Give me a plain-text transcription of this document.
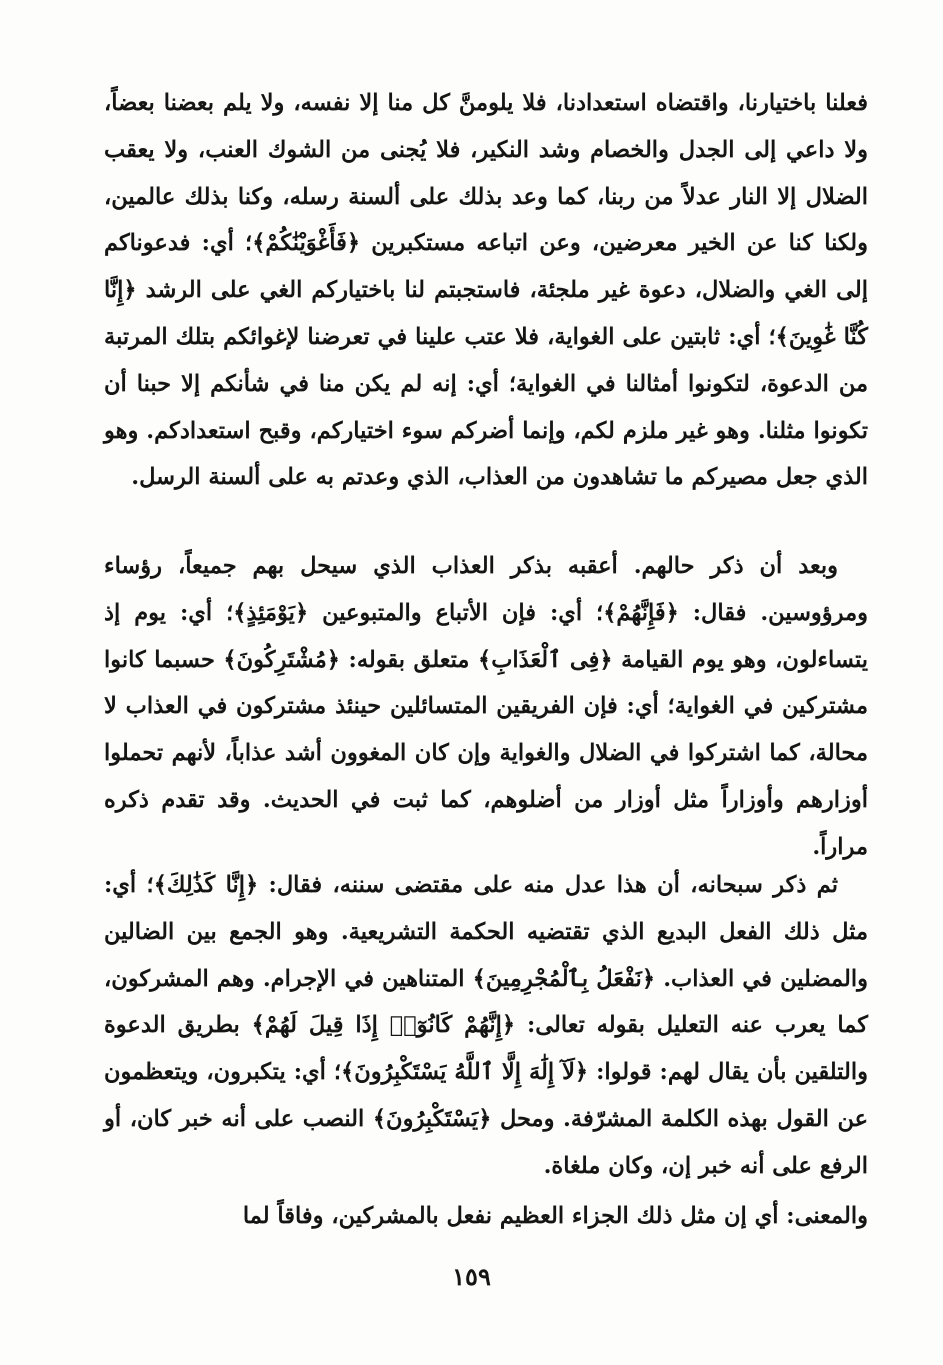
فعلنا باختيارنا، واقتضاه استعدادنا، فلا يلومنَّ كل منا إلا نفسه، ولا يلم بعضنا بعضاً، ولا داعي إلى الجدل والخصام وشد النكير، فلا يُجنى من الشوك العنب، ولا يعقب الضلال إلا النار عدلاً من ربنا، كما وعد بذلك على ألسنة رسله، وكنا بذلك عالمين، ولكنا كنا عن الخير معرضين، وعن اتباعه مستكبرين ﴿فَأَغْوَيْنَٰكُمْ﴾؛ أي: فدعوناكم إلى الغي والضلال، دعوة غير ملجئة، فاستجبتم لنا باختياركم الغي على الرشد ﴿إِنَّا كُنَّا غَٰوِينَ﴾؛ أي: ثابتين على الغواية، فلا عتب علينا في تعرضنا لإغوائكم بتلك المرتبة من الدعوة، لتكونوا أمثالنا في الغواية؛ أي: إنه لم يكن منا في شأنكم إلا حبنا أن تكونوا مثلنا. وهو غير ملزم لكم، وإنما أضركم سوء اختياركم، وقبح استعدادكم. وهو الذي جعل مصيركم ما تشاهدون من العذاب، الذي وعدتم به على ألسنة الرسل.

وبعد أن ذكر حالهم. أعقبه بذكر العذاب الذي سيحل بهم جميعاً، رؤساء ومرؤوسين. فقال: ﴿فَإِنَّهُمْ﴾؛ أي: فإن الأتباع والمتبوعين ﴿يَوْمَئِذٍ﴾؛ أي: يوم إذ يتساءلون، وهو يوم القيامة ﴿فِى ٱلْعَذَابِ﴾ متعلق بقوله: ﴿مُشْتَرِكُونَ﴾ حسبما كانوا مشتركين في الغواية؛ أي: فإن الفريقين المتسائلين حينئذ مشتركون في العذاب لا محالة، كما اشتركوا في الضلال والغواية وإن كان المغوون أشد عذاباً، لأنهم تحملوا أوزارهم وأوزاراً مثل أوزار من أضلوهم، كما ثبت في الحديث. وقد تقدم ذكره مراراً.

ثم ذكر سبحانه، أن هذا عدل منه على مقتضى سننه، فقال: ﴿إِنَّا كَذَٰلِكَ﴾؛ أي: مثل ذلك الفعل البديع الذي تقتضيه الحكمة التشريعية. وهو الجمع بين الضالين والمضلين في العذاب. ﴿نَفْعَلُ بِٱلْمُجْرِمِينَ﴾ المتناهين في الإجرام. وهم المشركون، كما يعرب عنه التعليل بقوله تعالى: ﴿إِنَّهُمْ كَانُوٓا۟ إِذَا قِيلَ لَهُمْ﴾ بطريق الدعوة والتلقين بأن يقال لهم: قولوا: ﴿لَآ إِلَٰهَ إِلَّا ٱللَّهُ يَسْتَكْبِرُونَ﴾؛ أي: يتكبرون، ويتعظمون عن القول بهذه الكلمة المشرّفة. ومحل ﴿يَسْتَكْبِرُونَ﴾ النصب على أنه خبر كان، أو الرفع على أنه خبر إن، وكان ملغاة.

والمعنى: أي إن مثل ذلك الجزاء العظيم نفعل بالمشركين، وفاقاً لما

١٥٩
